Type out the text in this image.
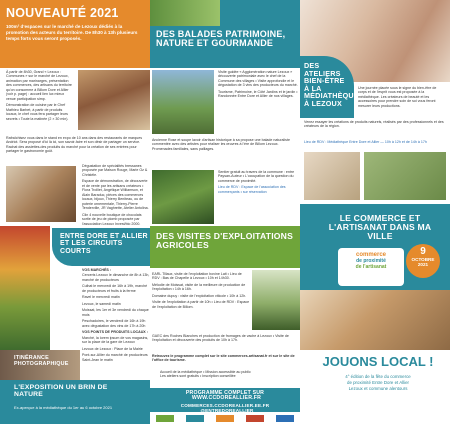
NOUVEAUTÉ 2021
100m² d'espaces sur le marché de Lezoux dédiés à la promotion des acteurs du territoire. De 8h30 à 13h plusieurs temps forts vous seront proposés.
À partir de 8h30, Grand « Lezoux : Communes » sur le marché de Lezoux, animation par marinarges, présentation des commerces, des artisans du territoire qu'on consomme à Billom Dore et Allier (voir p. page) : accueil lien lux mieux venue participation simp.
Démonstration de cuisine par le Chef Mathieu Barbet, à partir de produits locaux, le chef vous fera partager leurs secrets • Toute la matinée (2 × 30 min).
Rafraîchisez vous dans le stand en expo de 10 ans dans des restaurants de marques Andriot. Sera proposé d'ici là ici, son savoir-faire et son désir de partager un service. Rachat des assiettes-des produits du marché pour la création de ses entrées pour partager le gastronomie goût.
Dégustation de spécialités bressanes proposée par Maison Rouge, Marie Oz & Christèle.
Espace de démonstration, de découverte et de vente par les artisans créateurs • Flora Trolliet, Angélique Williamson, et Alain Baraduc, pièces des commerces locaux, bijoux, Thierry Beniteau, ou de poterie ornementale, Thierry-Pierre Tenderville, JR Vaghrette, Atelier Antolina.
Clin 4 nouvelle boutique de chocolats sortie de jeu de plomb proposée par l'association Lezoux Invest/bio 2000.
DES BALADES PATRIMOINE, NATURE ET GOURMANDE
Visite guidée « Agglomération nature Lezoux » découverte patrimoniale avec le chef de la Commune des villages • Visite approfondie et le dégustation de 3 vins des producteurs du marché.
Tourisme, Patrimoine, le Côté Jardins et le jardin • Randonnée Entre Dore et Allier de nos villages.
Ancienne Rose et soupe lavoir d'artisan historique à sa propose une balade naturaliste commentée avec des artistes pour réaliser les œuvres à l'ère de Billom Lezoux. Promenades familiales, sans paillages.
Sentier gratuit au travers de la commune : entre Paysan-Auteur • L'occupation de la question du commerce de proximité.
Lieu de RDV : Espace de l'association des commerçants • sur réservation
DES ATELIERS BIEN-ÊTRE À LA MÉDIATHÈQUE À LEZOUX
Une journée placée sous le signe du bien-être de corps et de l'esprit vous est proposée à la médiathèque. Les créateurs de beauté et les accessoires pour prendre soin de soi vous feront mesurer leurs productions.
Venez essayer les créations de produits naturels, réalisés par des professionnels et des créateurs de la région.
Lieu de RDV : Médiathèque Entre Dore et Allier — 10h à 12h et de 14h à 17h
LE COMMERCE ET L'ARTISANAT DANS MA VILLE
commerce
de proximité
de l'artisanat
9
OCTOBRE
2021
ENTRE DORE ET ALLIER ET LES CIRCUITS COURTS
VOS MARCHÉS :
Cerceris Lezoux le dimanche de 8h à 13h, marché de producteurs
Culhat le mercredi de 16h à 19h, marché de producteurs et fruits à la ferme
Ravel le mercredi matin
Lezoux, le samedi matin
Moissat, les 1er et 3e vendredi du chaque mois
Peschadoires, le vendredi de 16h à 19h avec dégustation des vins de 17h à 20h
VOS POINTS DE PRODUITS LOCAUX :
Marché, la lorem ipsum de vos magasins, sur la place de la gare de Lezoux
Lezoux de Lezoux : Place de la Mairie
Pont-sur-Allier du marché de producteurs Saint-Jean le matin
ITINÉRANCE PHOTOGRAPHIQUE
L'EXPOSITION UN BRIN DE NATURE
Ex-aperçue à la médiathèque du 1er au 6 octobre 2021
DES VISITES D'EXPLOITATIONS AGRICOLES
EARL Tillaux, visite de l'exploitation bovine Lait • Lieu de RDV : Bas de Chapelle à Lezoux • 10h et 14h30.
Mélodie de Moissat, visite de la meilleure de production de l'exploitation • 14h à 16h.
Domaine dupuy : visite de l'exploitation viticole • 10h à 12h.
Visite de l'exploitation à partir de 10h • Lieu de RDV : Espace de l'exploitation de Billom.
GAEC des Roches Blanches et production de fromages de vache à Lezoux • Visite de l'exploitation et découverte des produits de 10h à 17h.
Retrouvez le programme complet sur le site commerces-artisanat.fr et sur le site de l'office de tourisme.
Accueil de la médiathèque • Mission accessible au public
Les ateliers sont gratuits • Inscription conseillée
PROGRAMME COMPLET SUR WWW.CCDOREALLIER.FR
COMMERCES.CCDOREALLIER.EE.FR @ENTREDOREALLIER
JOUONS LOCAL !
4° édition de la fête du commerce
de proximité Entre Dore et Allier
Lezoux et commune alentours
